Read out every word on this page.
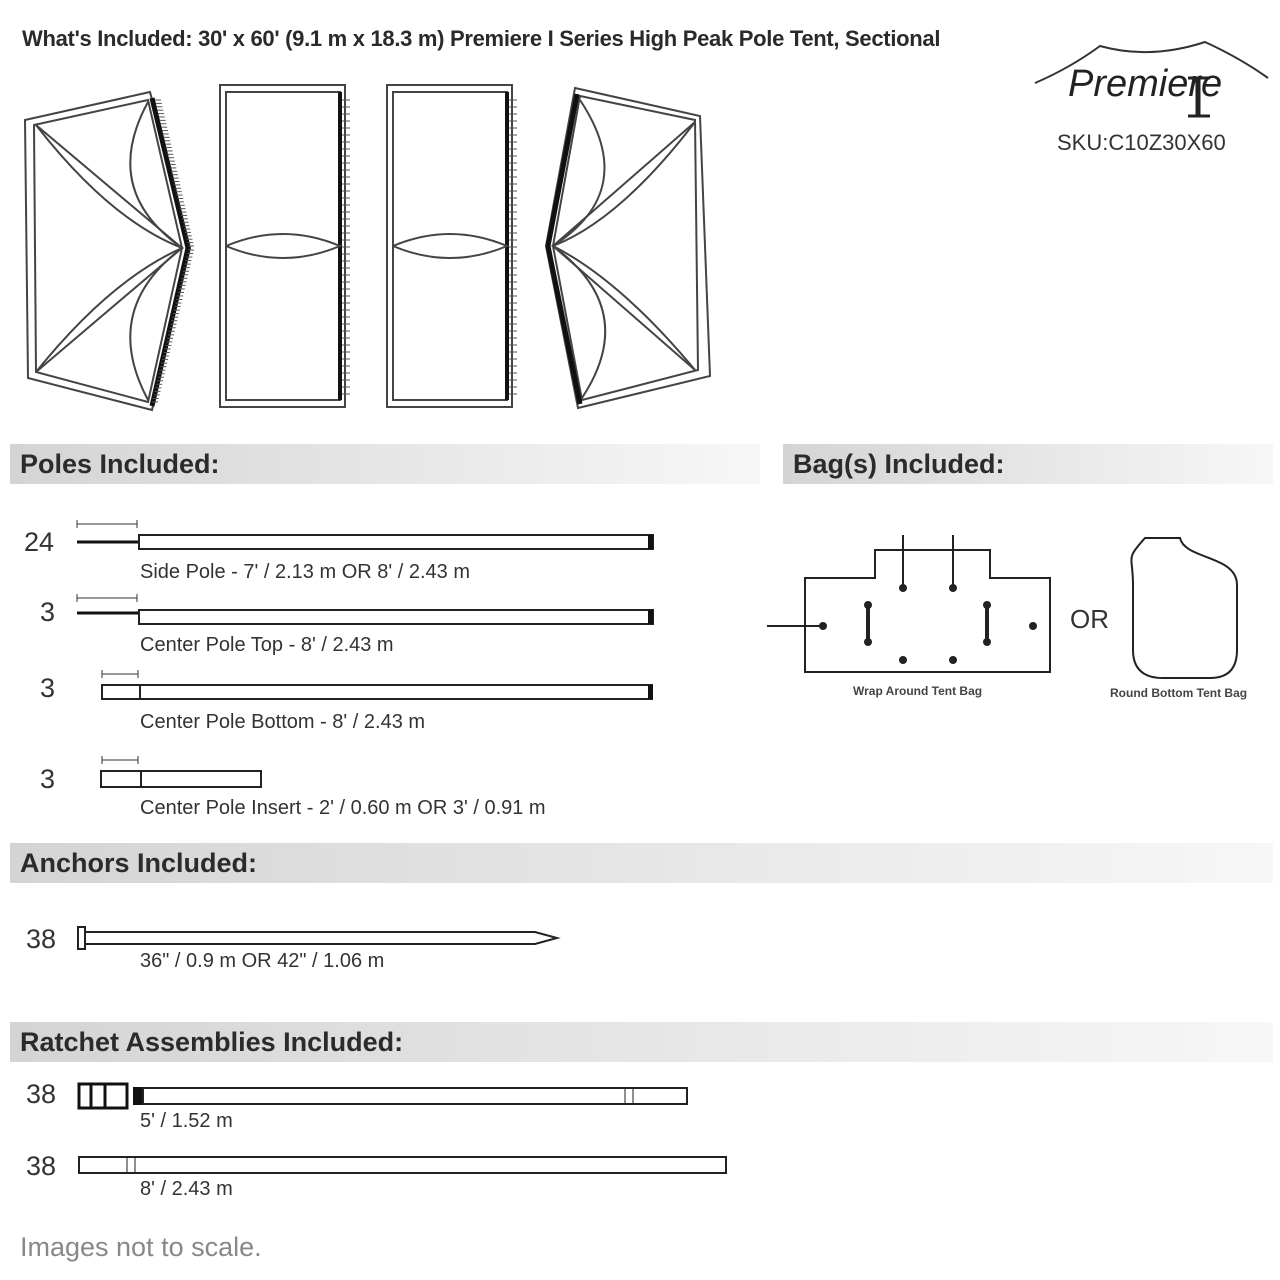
What's Included: 30' x 60' (9.1 m x 18.3 m) Premiere I Series High Peak Pole Tent, Sectional
Premiere
SKU:C10Z30X60
Poles Included:	Bag(s) Included:
Anchors Included:
Ratchet Assemblies Included:
24
Side Pole - 7' / 2.13 m OR 8' / 2.43 m
3
Center Pole Top - 8' / 2.43 m
3
Center Pole Bottom - 8' / 2.43 m
3
Center Pole Insert - 2' / 0.60 m OR 3' / 0.91 m
Wrap Around Tent Bag
OR
Round Bottom Tent Bag
38
36" / 0.9 m OR 42" / 1.06 m
38
5' / 1.52 m
38
8' / 2.43 m
Images not to scale.
